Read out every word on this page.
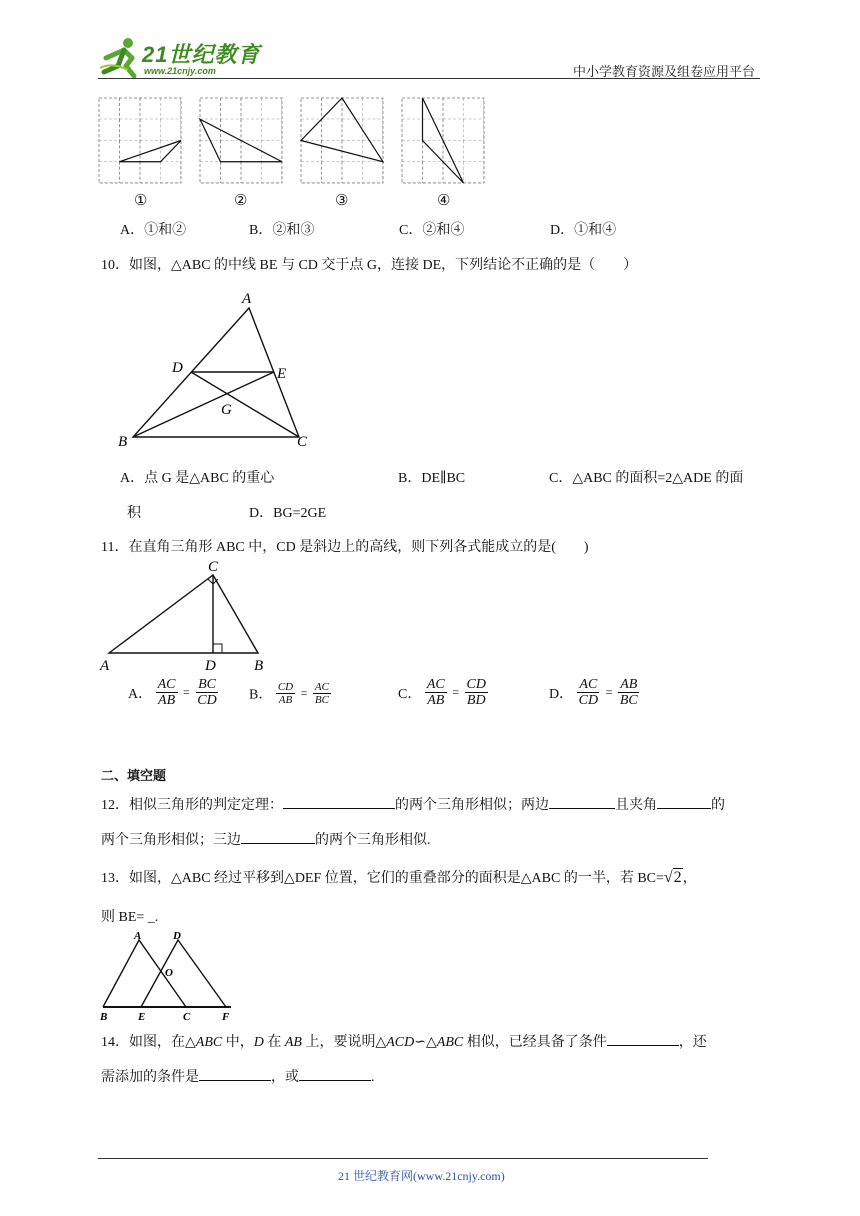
21世纪教育
www.21cnjy.com	中小学教育资源及组卷应用平台
①	②	③	④
A．①和②	B．②和③	C．②和④	D．①和④
10．如图，△ABC 的中线 BE 与 CD 交于点 G，连接 DE，下列结论不正确的是（　　）
A
D	E
G
B	C
A．点 G 是△ABC 的重心	B．DE∥BC	C．△ABC 的面积=2△ADE 的面
积	D．BG=2GE
11．在直角三角形 ABC 中，CD 是斜边上的高线，则下列各式能成立的是(　　)
C
A	D	B
A． $\frac{AC}{AB} = \frac{BC}{CD}$ B． $\frac{CD}{AB} = \frac{AC}{BC}$	C． $\frac{AC}{AB} = \frac{CD}{BD}$	D． $\frac{AC}{CD} = \frac{AB}{BC}$
二、填空题
12．相似三角形的判定定理：	的两个三角形相似；两边	且夹角	的
两个三角形相似；三边	的两个三角形相似.
13．如图，△ABC 经过平移到△DEF 位置，它们的重叠部分的面积是△ABC 的一半，若 BC=√2，
则 BE= _.
A	D
O
B	E	C	F
14．如图，在△ABC 中，D 在 AB 上，要说明△ACD∽△ABC 相似，已经具备了条件	，还
需添加的条件是	，或	.
21 世纪教育网(www.21cnjy.com)
